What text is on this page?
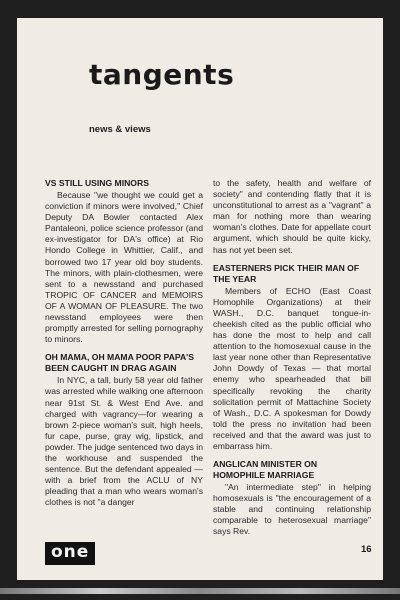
tangents
news & views
VS STILL USING MINORS

Because "we thought we could get a conviction if minors were involved," Chief Deputy DA Bowler contacted Alex Pantaleoni, police science professor (and ex-investigator for DA's office) at Rio Hondo College in Whittier, Calif., and borrowed two 17 year old boy students. The minors, with plain-clothesmen, were sent to a newsstand and purchased TROPIC OF CANCER and MEMOIRS OF A WOMAN OF PLEASURE. The two newsstand employees were then promptly arrested for selling pornography to minors.

OH MAMA, OH MAMA POOR PAPA'S BEEN CAUGHT IN DRAG AGAIN

In NYC, a tall, burly 58 year old father was arrested while walking one afternoon near 91st St. & West End Ave. and charged with vagrancy—for wearing a brown 2-piece woman's suit, high heels, fur cape, purse, gray wig, lipstick, and powder. The judge sentenced two days in the workhouse and suspended the sentence. But the defendant appealed — with a brief from the ACLU of NY pleading that a man who wears woman's clothes is not "a danger

to the safety, health and welfare of society" and contending flatly that it is unconstitutional to arrest as a "vagrant" a man for nothing more than wearing woman's clothes. Date for appellate court argument, which should be quite kicky, has not yet been set.

EASTERNERS PICK THEIR MAN OF THE YEAR

Members of ECHO (East Coast Homophile Organizations) at their WASH., D.C. banquet tongue-in-cheekish cited as the public official who has done the most to help and call attention to the homosexual cause in the last year none other than Representative John Dowdy of Texas — that mortal enemy who spearheaded that bill specifically revoking the charity solicitation permit of Mattachine Society of Wash., D.C. A spokesman for Dowdy told the press no invitation had been received and that the award was just to embarrass him.

ANGLICAN MINISTER ON HOMOPHILE MARRIAGE

"An intermediate step" in helping homosexuals is "the encouragement of a stable and continuing relationship comparable to heterosexual marriage" says Rev.

one	16
